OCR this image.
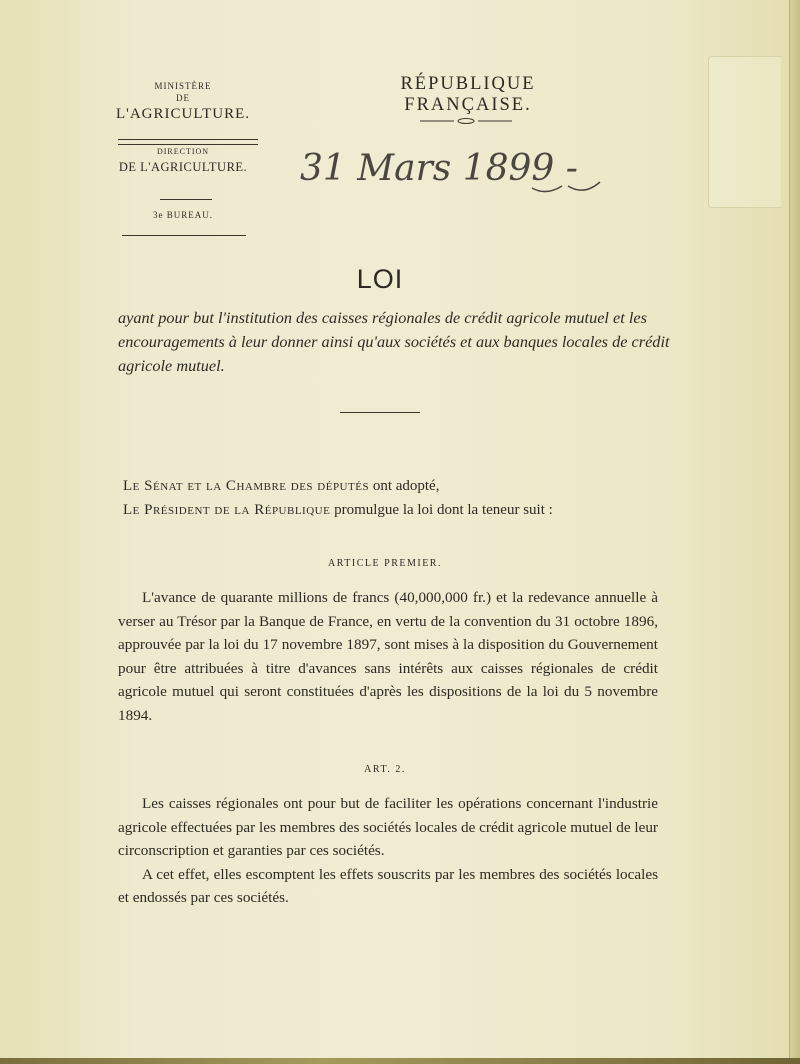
MINISTÈRE
DE
L'AGRICULTURE.
DIRECTION
DE L'AGRICULTURE.
3e BUREAU.
RÉPUBLIQUE FRANÇAISE.
31 Mars 1899 -
LOI
ayant pour but l'institution des caisses régionales de crédit agricole mutuel et les encouragements à leur donner ainsi qu'aux sociétés et aux banques locales de crédit agricole mutuel.
Le Sénat et la Chambre des députés ont adopté,
Le Président de la République promulgue la loi dont la teneur suit :
ARTICLE PREMIER.

L'avance de quarante millions de francs (40,000,000 fr.) et la redevance annuelle à verser au Trésor par la Banque de France, en vertu de la convention du 31 octobre 1896, approuvée par la loi du 17 novembre 1897, sont mises à la disposition du Gouvernement pour être attribuées à titre d'avances sans intérêts aux caisses régionales de crédit agricole mutuel qui seront constituées d'après les dispositions de la loi du 5 novembre 1894.

ART. 2.

Les caisses régionales ont pour but de faciliter les opérations concernant l'industrie agricole effectuées par les membres des sociétés locales de crédit agricole mutuel de leur circonscription et garanties par ces sociétés.

A cet effet, elles escomptent les effets souscrits par les membres des sociétés locales et endossés par ces sociétés.
